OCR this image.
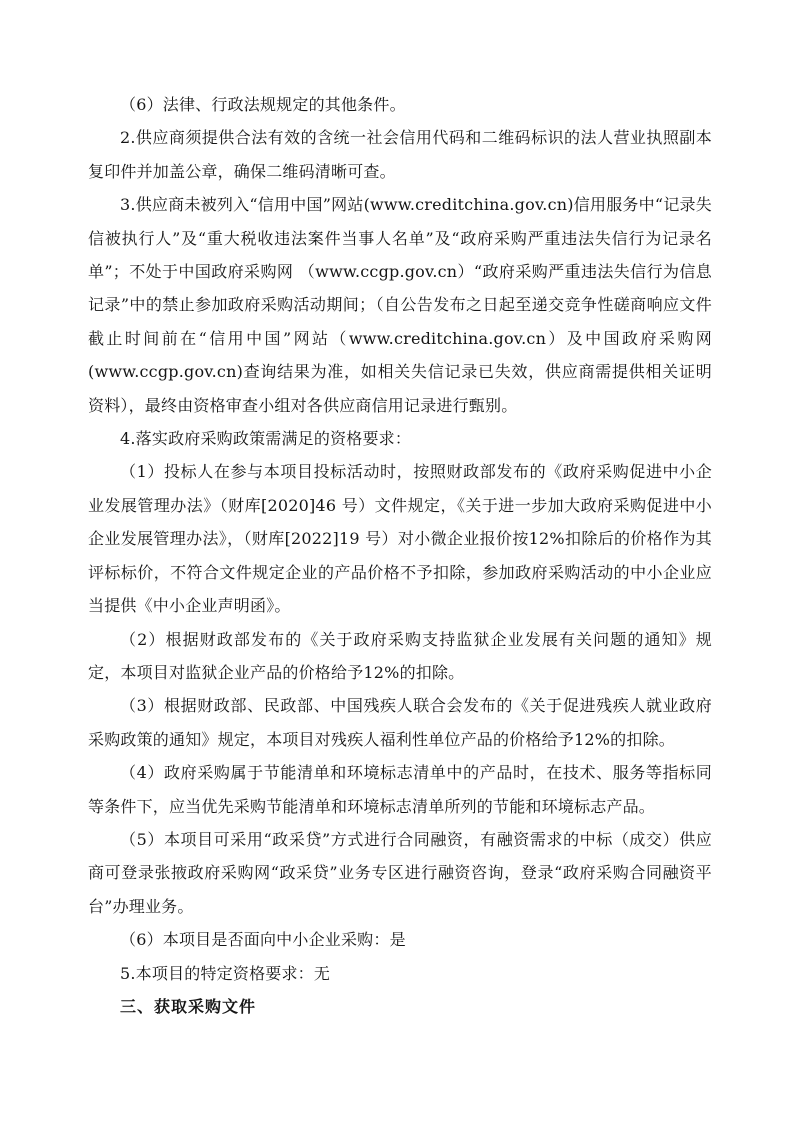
（6）法律、行政法规规定的其他条件。

2.供应商须提供合法有效的含统一社会信用代码和二维码标识的法人营业执照副本复印件并加盖公章，确保二维码清晰可查。

3.供应商未被列入“信用中国”网站(www.creditchina.gov.cn)信用服务中“记录失信被执行人”及“重大税收违法案件当事人名单”及“政府采购严重违法失信行为记录名单”；不处于中国政府采购网 （www.ccgp.gov.cn）“政府采购严重违法失信行为信息记录”中的禁止参加政府采购活动期间；（自公告发布之日起至递交竞争性磋商响应文件截止时间前在“信用中国”网站（www.creditchina.gov.cn）及中国政府采购网(www.ccgp.gov.cn)查询结果为准，如相关失信记录已失效，供应商需提供相关证明资料），最终由资格审查小组对各供应商信用记录进行甄别。

4.落实政府采购政策需满足的资格要求：

（1）投标人在参与本项目投标活动时，按照财政部发布的《政府采购促进中小企业发展管理办法》（财库[2020]46 号）文件规定，《关于进一步加大政府采购促进中小企业发展管理办法》，（财库[2022]19 号）对小微企业报价按12%扣除后的价格作为其评标标价，不符合文件规定企业的产品价格不予扣除，参加政府采购活动的中小企业应当提供《中小企业声明函》。

（2）根据财政部发布的《关于政府采购支持监狱企业发展有关问题的通知》规定，本项目对监狱企业产品的价格给予12%的扣除。

（3）根据财政部、民政部、中国残疾人联合会发布的《关于促进残疾人就业政府采购政策的通知》规定，本项目对残疾人福利性单位产品的价格给予12%的扣除。

（4）政府采购属于节能清单和环境标志清单中的产品时，在技术、服务等指标同等条件下，应当优先采购节能清单和环境标志清单所列的节能和环境标志产品。

（5）本项目可采用“政采贷”方式进行合同融资，有融资需求的中标（成交）供应商可登录张掖政府采购网“政采贷”业务专区进行融资咨询，登录“政府采购合同融资平台”办理业务。

（6）本项目是否面向中小企业采购：是

5.本项目的特定资格要求：无

三、获取采购文件
